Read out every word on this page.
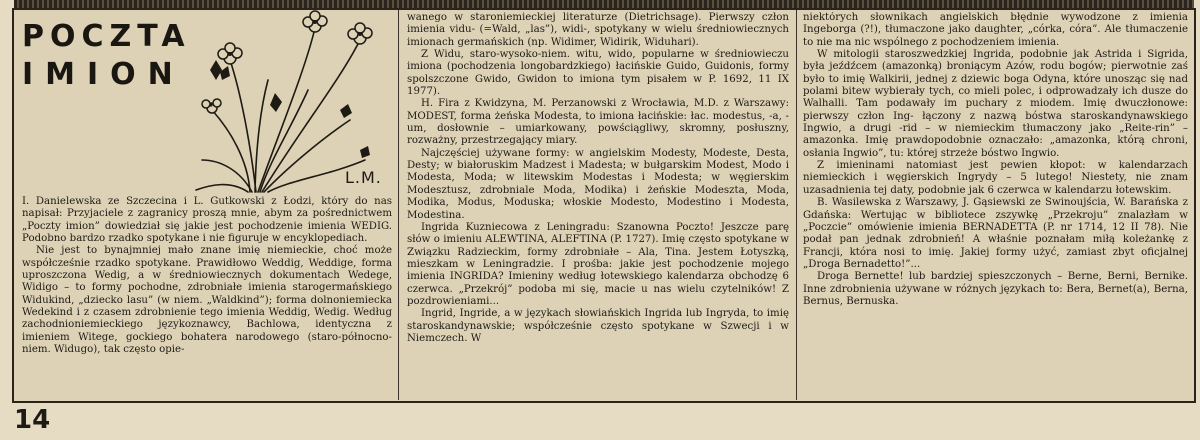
POCZTA
IMION
L.M.

I. Danielewska ze Szczecina i L. Gutkowski z Łodzi, który do nas napisał: Przyjaciele z zagranicy proszą mnie, abym za pośrednictwem „Poczty imion” dowiedział się jakie jest pochodzenie imienia WEDIG. Podobno bardzo rzadko spotykane i nie figuruje w encyklopediach.

Nie jest to bynajmniej mało znane imię niemieckie, choć może współcześnie rzadko spotykane. Prawidłowo Weddig, Weddige, forma uproszczona Wedig, a w średniowiecznych dokumentach Wedege, Widigo – to formy pochodne, zdrobniałe imienia starogermańskiego Widukind, „dziecko lasu” (w niem. „Waldkind”); forma dolnoniemiecka Wedekind i z czasem zdrobnienie tego imienia Weddig, Wedig. Według zachodnioniemieckiego językoznawcy, Bachlowa, identyczna z imieniem Witege, gockiego bohatera narodowego (staro-północno-niem. Widugo), tak często opie-

wanego w staroniemieckiej literaturze (Dietrichsage). Pierwszy człon imienia vidu- (=Wald, „las”), widi-, spotykany w wielu średniowiecznych imionach germańskich (np. Widimer, Widirik, Widuhari).

Z Widu, staro-wysoko-niem. witu, wido, popularne w średniowieczu imiona (pochodzenia longobardzkiego) łacińskie Guido, Guidonis, formy spolszczone Gwido, Gwidon to imiona tym pisałem w P. 1692, 11 IX 1977).

H. Fira z Kwidzyna, M. Perzanowski z Wrocławia, M.D. z Warszawy: MODEST, forma żeńska Modesta, to imiona łacińskie: łac. modestus, -a, -um, dosłownie – umiarkowany, powściągliwy, skromny, posłuszny, rozważny, przestrzegający miary.

Najczęściej używane formy: w angielskim Modesty, Modeste, Desta, Desty; w białoruskim Madzest i Madesta; w bułgarskim Modest, Modo i Modesta, Moda; w litewskim Modestas i Modesta; w węgierskim Modesztusz, zdrobniale Moda, Modika) i żeńskie Modeszta, Moda, Modika, Modus, Moduska; włoskie Modesto, Modestino i Modesta, Modestina.

Ingrida Kuzniecowa z Leningradu: Szanowna Poczto! Jeszcze parę słów o imieniu ALEWTINA, ALEFTINA (P. 1727). Imię często spotykane w Związku Radzieckim, formy zdrobniałe – Ala, Tina. Jestem Łotyszką, mieszkam w Leningradzie. I prośba: jakie jest pochodzenie mojego imienia INGRIDA? Imieniny według łotewskiego kalendarza obchodzę 6 czerwca. „Przekrój” podoba mi się, macie u nas wielu czytelników! Z pozdrowieniami...

Ingrid, Ingride, a w językach słowiańskich Ingrida lub Ingryda, to imię staroskandynawskie; współcześnie często spotykane w Szwecji i w Niemczech. W

niektórych słownikach angielskich błędnie wywodzone z imienia Ingeborga (?!), tłumaczone jako daughter, „córka, córa”. Ale tłumaczenie to nie ma nic wspólnego z pochodzeniem imienia.

W mitologii staroszwedzkiej Ingrida, podobnie jak Astrida i Sigrida, była jeźdźcem (amazonką) broniącym Azów, rodu bogów; pierwotnie zaś było to imię Walkirii, jednej z dziewic boga Odyna, które unosząc się nad polami bitew wybierały tych, co mieli polec, i odprowadzały ich dusze do Walhalli. Tam podawały im puchary z miodem. Imię dwuczłonowe: pierwszy człon Ing- łączony z nazwą bóstwa staroskandynawskiego Ingwio, a drugi -rid – w niemieckim tłumaczony jako „Reite-rin” – amazonka. Imię prawdopodobnie oznaczało: „amazonka, którą chroni, osłania Ingwio”, tu: której strzeże bóstwo Ingwio.

Z imieninami natomiast jest pewien kłopot: w kalendarzach niemieckich i węgierskich Ingrydy – 5 lutego! Niestety, nie znam uzasadnienia tej daty, podobnie jak 6 czerwca w kalendarzu łotewskim.

B. Wasilewska z Warszawy, J. Gąsiewski ze Swinoujścia, W. Barańska z Gdańska: Wertując w bibliotece zszywkę „Przekroju” znalazłam w „Poczcie” omówienie imienia BERNADETTA (P. nr 1714, 12 II 78). Nie podał pan jednak zdrobnień! A właśnie poznałam miłą koleżankę z Francji, która nosi to imię. Jakiej formy użyć, zamiast zbyt oficjalnej „Droga Bernadetto!”...

Droga Bernette! lub bardziej spieszczonych – Berne, Berni, Bernike. Inne zdrobnienia używane w różnych językach to: Bera, Bernet(a), Berna, Bernus, Bernuska.

14
